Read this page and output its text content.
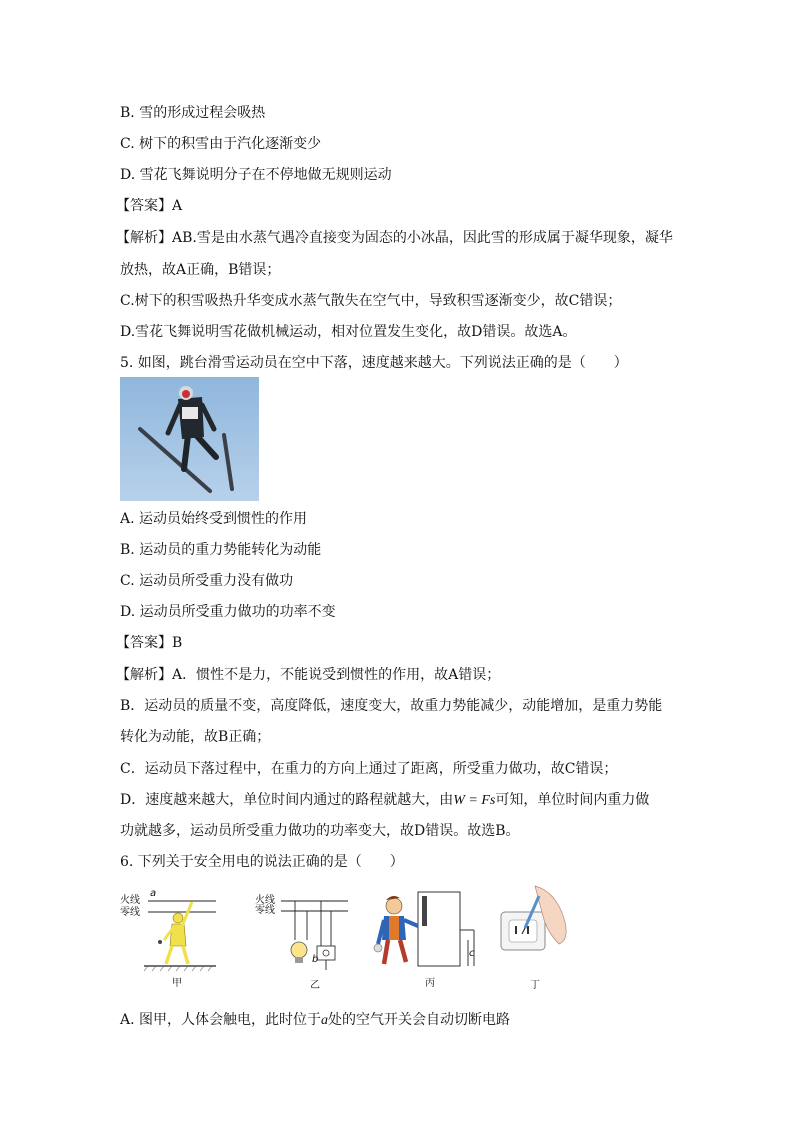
B. 雪的形成过程会吸热
C. 树下的积雪由于汽化逐渐变少
D. 雪花飞舞说明分子在不停地做无规则运动
【答案】A
【解析】AB.雪是由水蒸气遇冷直接变为固态的小冰晶，因此雪的形成属于凝华现象，凝华
放热，故A正确，B错误；
C.树下的积雪吸热升华变成水蒸气散失在空气中，导致积雪逐渐变少，故C错误；
D.雪花飞舞说明雪花做机械运动，相对位置发生变化，故D错误。故选A。
5. 如图，跳台滑雪运动员在空中下落，速度越来越大。下列说法正确的是（　　）
A. 运动员始终受到惯性的作用
B. 运动员的重力势能转化为动能
C. 运动员所受重力没有做功
D. 运动员所受重力做功的功率不变
【答案】B
【解析】A．惯性不是力，不能说受到惯性的作用，故A错误；
B．运动员的质量不变，高度降低，速度变大，故重力势能减少，动能增加，是重力势能
转化为动能，故B正确；
C．运动员下落过程中，在重力的方向上通过了距离，所受重力做功，故C错误；
D．速度越来越大，单位时间内通过的路程就越大，由W = Fs可知，单位时间内重力做
功就越多，运动员所受重力做功的功率变大，故D错误。故选B。
6. 下列关于安全用电的说法正确的是（　　）
火线
零线
a
甲
火线
零线
b
乙
c
丙	丁
A. 图甲，人体会触电，此时位于a处的空气开关会自动切断电路
